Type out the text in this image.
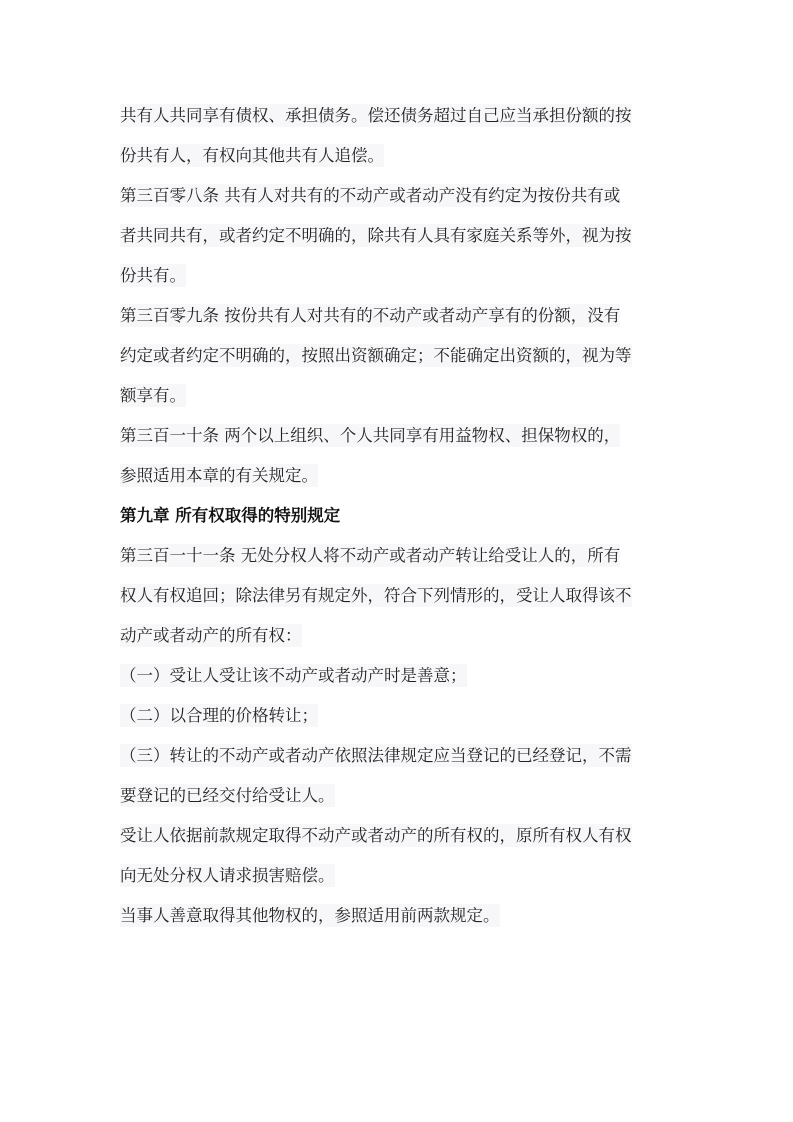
共有人共同享有债权、承担债务。偿还债务超过自己应当承担份额的按
份共有人，有权向其他共有人追偿。

第三百零八条 共有人对共有的不动产或者动产没有约定为按份共有或
者共同共有，或者约定不明确的，除共有人具有家庭关系等外，视为按
份共有。

第三百零九条 按份共有人对共有的不动产或者动产享有的份额，没有
约定或者约定不明确的，按照出资额确定；不能确定出资额的，视为等
额享有。

第三百一十条 两个以上组织、个人共同享有用益物权、担保物权的，
参照适用本章的有关规定。

第九章 所有权取得的特别规定

第三百一十一条 无处分权人将不动产或者动产转让给受让人的，所有
权人有权追回；除法律另有规定外，符合下列情形的，受让人取得该不
动产或者动产的所有权：

（一）受让人受让该不动产或者动产时是善意；

（二）以合理的价格转让；

（三）转让的不动产或者动产依照法律规定应当登记的已经登记，不需
要登记的已经交付给受让人。

受让人依据前款规定取得不动产或者动产的所有权的，原所有权人有权
向无处分权人请求损害赔偿。

当事人善意取得其他物权的，参照适用前两款规定。
